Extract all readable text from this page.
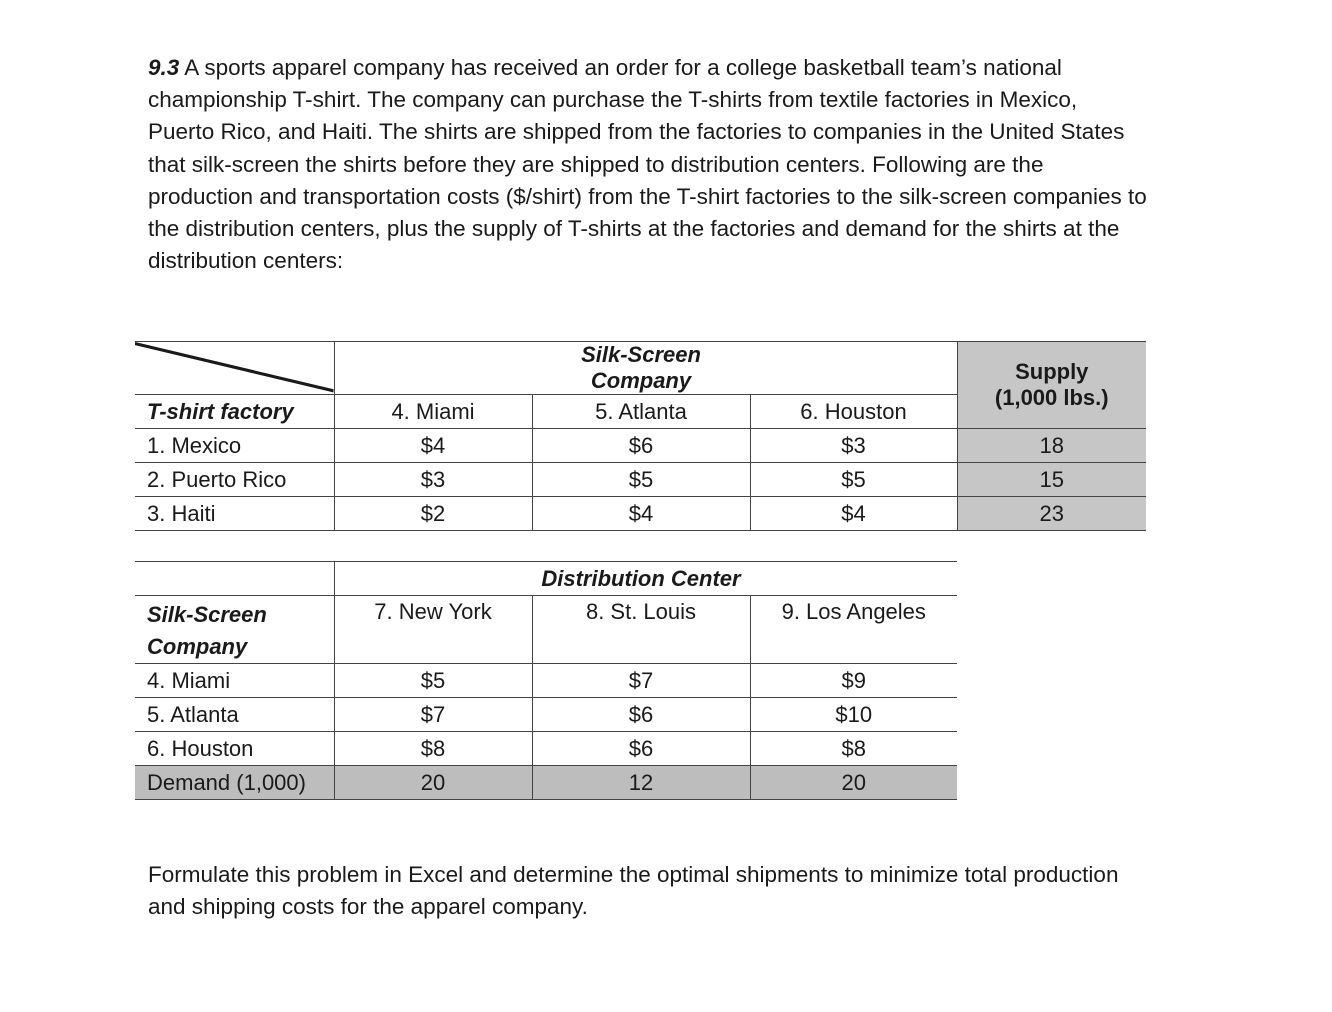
9.3 A sports apparel company has received an order for a college basketball team’s national championship T-shirt. The company can purchase the T-shirts from textile factories in Mexico, Puerto Rico, and Haiti. The shirts are shipped from the factories to companies in the United States that silk-screen the shirts before they are shipped to distribution centers. Following are the production and transportation costs ($/shirt) from the T-shirt factories to the silk-screen companies to the distribution centers, plus the supply of T-shirts at the factories and demand for the shirts at the distribution centers:

		Silk-Screen Company		Supply
(1,000 lbs.)

T-shirt factory	4. Miami	5. Atlanta	6. Houston	
1. Mexico	$4	$6	$3	18
2. Puerto Rico	$3	$5	$5	15
3. Haiti	$2	$4	$4	23
		Distribution Center	

Silk-Screen
Company	7. New York	8. St. Louis	9. Los Angeles
4. Miami	$5	$7	$9
5. Atlanta	$7	$6	$10
6. Houston	$8	$6	$8
Demand (1,000)	20	12	20

Formulate this problem in Excel and determine the optimal shipments to minimize total production and shipping costs for the apparel company.
